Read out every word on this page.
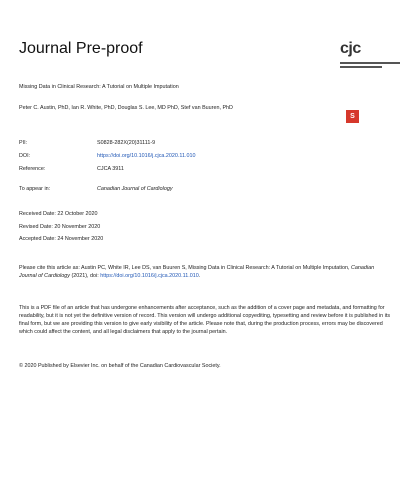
Journal Pre-proof	cjc
S
Missing Data in Clinical Research: A Tutorial on Multiple Imputation
Peter C. Austin, PhD, Ian R. White, PhD, Douglas S. Lee, MD PhD, Stef van Buuren, PhD
PII:	S0828-282X(20)31111-9
DOI:	https://doi.org/10.1016/j.cjca.2020.11.010
Reference:	CJCA 3911
To appear in:	Canadian Journal of Cardiology
Received Date: 22 October 2020
Revised Date: 20 November 2020
Accepted Date: 24 November 2020
Please cite this article as: Austin PC, White IR, Lee DS, van Buuren S, Missing Data in Clinical Research: A Tutorial on Multiple Imputation, Canadian Journal of Cardiology (2021), doi: https://doi.org/10.1016/j.cjca.2020.11.010.
This is a PDF file of an article that has undergone enhancements after acceptance, such as the addition of a cover page and metadata, and formatting for readability, but it is not yet the definitive version of record. This version will undergo additional copyediting, typesetting and review before it is published in its final form, but we are providing this version to give early visibility of the article. Please note that, during the production process, errors may be discovered which could affect the content, and all legal disclaimers that apply to the journal pertain.
© 2020 Published by Elsevier Inc. on behalf of the Canadian Cardiovascular Society.
